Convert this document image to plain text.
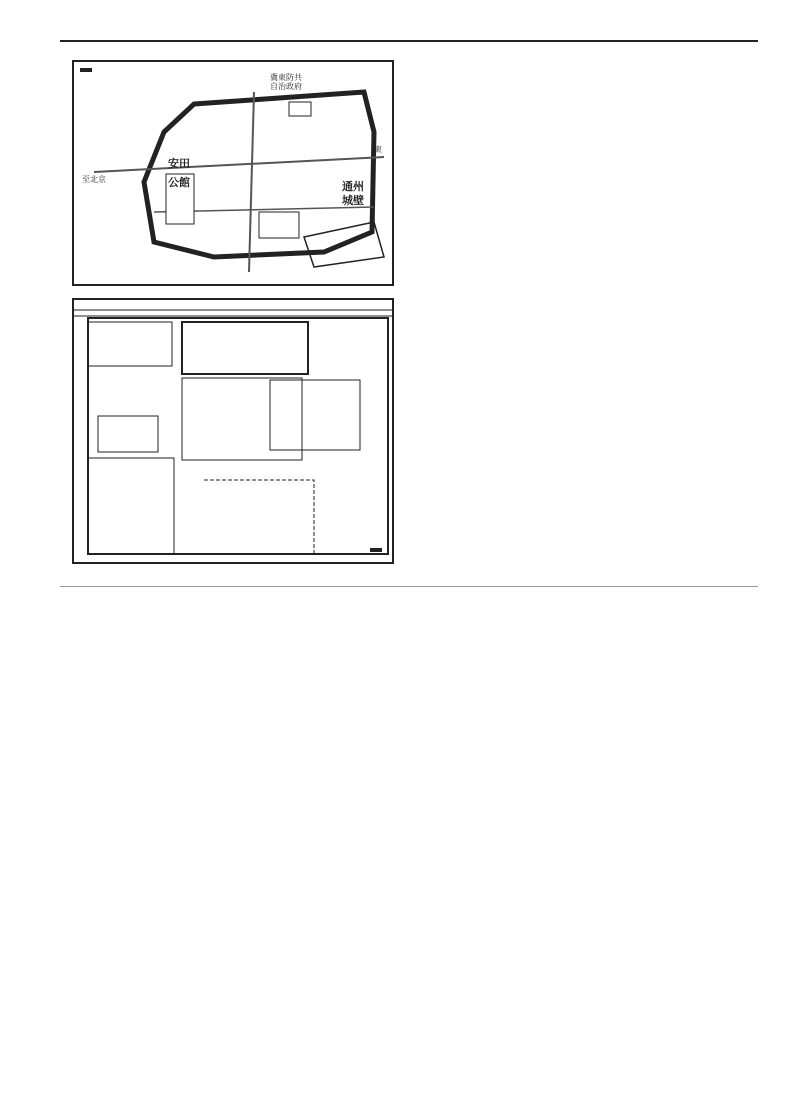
冀東防共
自治政府
安田
公館	通州
城壁
東
至北京
